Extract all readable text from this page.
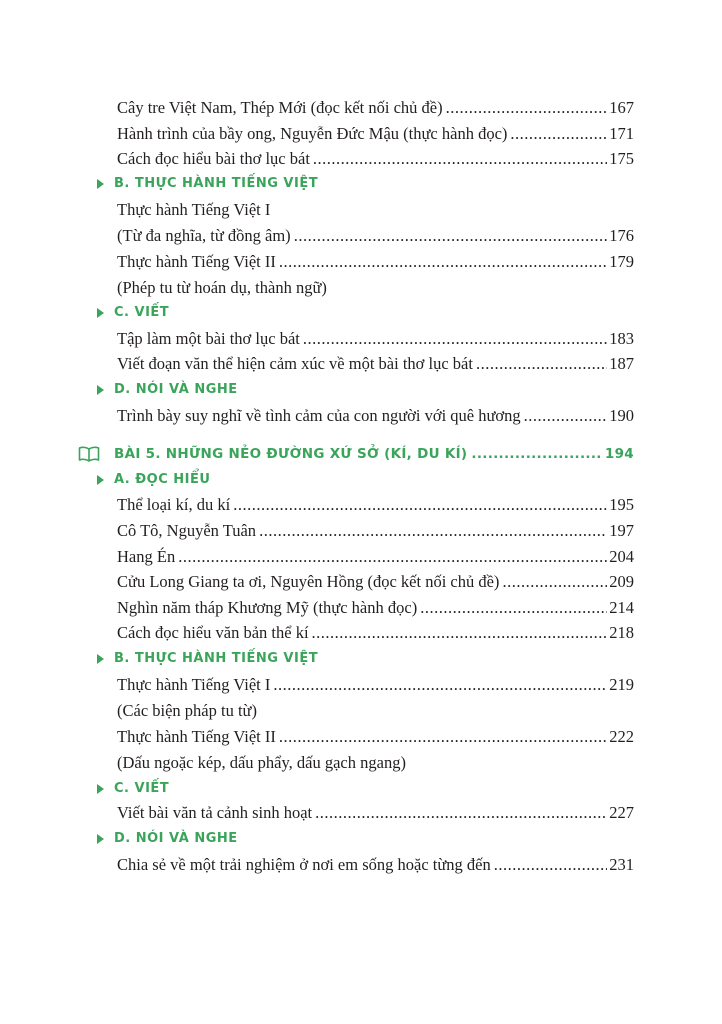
Cây tre Việt Nam, Thép Mới (đọc kết nối chủ đề) .....	167
Hành trình của bầy ong, Nguyễn Đức Mậu (thực hành đọc) .....	171
Cách đọc hiểu bài thơ lục bát .....	175
B. THỰC HÀNH TIẾNG VIỆT
Thực hành Tiếng Việt I
(Từ đa nghĩa, từ đồng âm) .....	176
Thực hành Tiếng Việt II .....	179
(Phép tu từ hoán dụ, thành ngữ)
C. VIẾT
Tập làm một bài thơ lục bát .....	183
Viết đoạn văn thể hiện cảm xúc về một bài thơ lục bát .....	187
D. NÓI VÀ NGHE
Trình bày suy nghĩ về tình cảm của con người với quê hương .....	190
BÀI 5. NHỮNG NẺO ĐƯỜNG XỨ SỞ (KÍ, DU KÍ) .....	194
A. ĐỌC HIỂU
Thể loại kí, du kí .....	195
Cô Tô, Nguyễn Tuân .....	197
Hang Én .....	204
Cửu Long Giang ta ơi, Nguyên Hồng (đọc kết nối chủ đề) .....	209
Nghìn năm tháp Khương Mỹ (thực hành đọc) .....	214
Cách đọc hiểu văn bản thể kí .....	218
B. THỰC HÀNH TIẾNG VIỆT
Thực hành Tiếng Việt I .....	219
(Các biện pháp tu từ)
Thực hành Tiếng Việt II .....	222
(Dấu ngoặc kép, dấu phẩy, dấu gạch ngang)
C. VIẾT
Viết bài văn tả cảnh sinh hoạt .....	227
D. NÓI VÀ NGHE
Chia sẻ về một trải nghiệm ở nơi em sống hoặc từng đến .....	231
